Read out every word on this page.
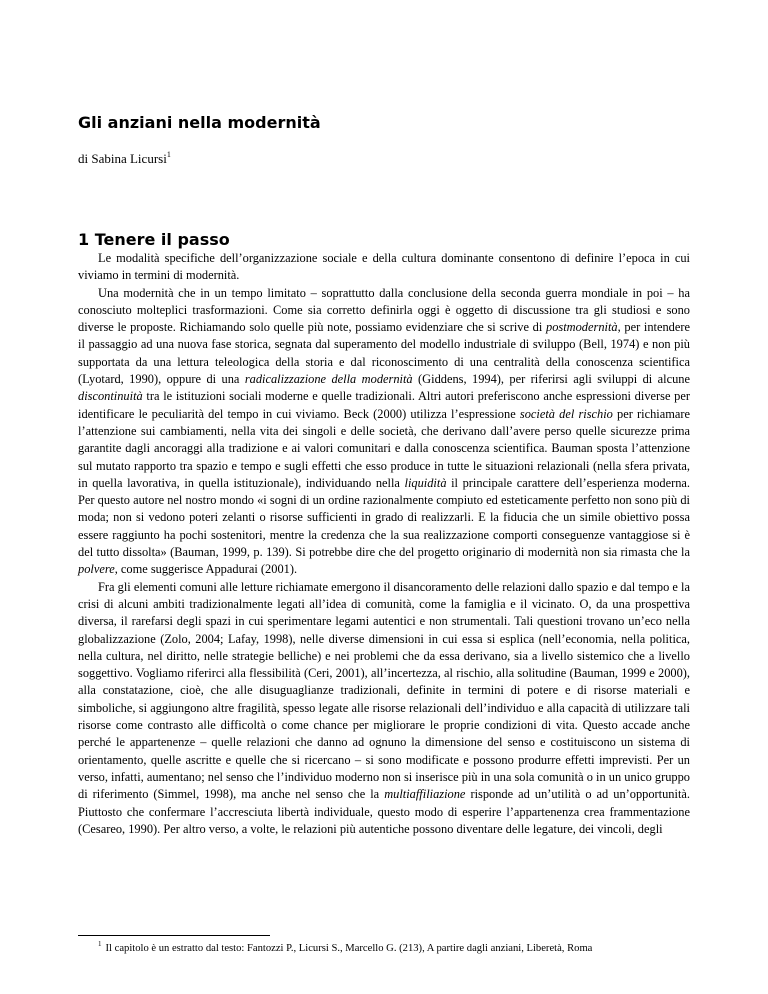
Gli anziani nella modernità

di Sabina Licursi$^1$

1 Tenere il passo

Le modalità specifiche dell’organizzazione sociale e della cultura dominante consentono di definire l’epoca in cui viviamo in termini di modernità.

Una modernità che in un tempo limitato – soprattutto dalla conclusione della seconda guerra mondiale in poi – ha conosciuto molteplici trasformazioni. Come sia corretto definirla oggi è oggetto di discussione tra gli studiosi e sono diverse le proposte. Richiamando solo quelle più note, possiamo evidenziare che si scrive di postmodernità, per intendere il passaggio ad una nuova fase storica, segnata dal superamento del modello industriale di sviluppo (Bell, 1974) e non più supportata da una lettura teleologica della storia e dal riconoscimento di una centralità della conoscenza scientifica (Lyotard, 1990), oppure di una radicalizzazione della modernità (Giddens, 1994), per riferirsi agli sviluppi di alcune discontinuità tra le istituzioni sociali moderne e quelle tradizionali. Altri autori preferiscono anche espressioni diverse per identificare le peculiarità del tempo in cui viviamo. Beck (2000) utilizza l’espressione società del rischio per richiamare l’attenzione sui cambiamenti, nella vita dei singoli e delle società, che derivano dall’avere perso quelle sicurezze prima garantite dagli ancoraggi alla tradizione e ai valori comunitari e dalla conoscenza scientifica. Bauman sposta l’attenzione sul mutato rapporto tra spazio e tempo e sugli effetti che esso produce in tutte le situazioni relazionali (nella sfera privata, in quella lavorativa, in quella istituzionale), individuando nella liquidità il principale carattere dell’esperienza moderna. Per questo autore nel nostro mondo «i sogni di un ordine razionalmente compiuto ed esteticamente perfetto non sono più di moda; non si vedono poteri zelanti o risorse sufficienti in grado di realizzarli. E la fiducia che un simile obiettivo possa essere raggiunto ha pochi sostenitori, mentre la credenza che la sua realizzazione comporti conseguenze vantaggiose si è del tutto dissolta» (Bauman, 1999, p. 139). Si potrebbe dire che del progetto originario di modernità non sia rimasta che la polvere, come suggerisce Appadurai (2001).

Fra gli elementi comuni alle letture richiamate emergono il disancoramento delle relazioni dallo spazio e dal tempo e la crisi di alcuni ambiti tradizionalmente legati all’idea di comunità, come la famiglia e il vicinato. O, da una prospettiva diversa, il rarefarsi degli spazi in cui sperimentare legami autentici e non strumentali. Tali questioni trovano un’eco nella globalizzazione (Zolo, 2004; Lafay, 1998), nelle diverse dimensioni in cui essa si esplica (nell’economia, nella politica, nella cultura, nel diritto, nelle strategie belliche) e nei problemi che da essa derivano, sia a livello sistemico che a livello soggettivo. Vogliamo riferirci alla flessibilità (Ceri, 2001), all’incertezza, al rischio, alla solitudine (Bauman, 1999 e 2000), alla constatazione, cioè, che alle disuguaglianze tradizionali, definite in termini di potere e di risorse materiali e simboliche, si aggiungono altre fragilità, spesso legate alle risorse relazionali dell’individuo e alla capacità di utilizzare tali risorse come contrasto alle difficoltà o come chance per migliorare le proprie condizioni di vita. Questo accade anche perché le appartenenze – quelle relazioni che danno ad ognuno la dimensione del senso e costituiscono un sistema di orientamento, quelle ascritte e quelle che si ricercano – si sono modificate e possono produrre effetti imprevisti. Per un verso, infatti, aumentano; nel senso che l’individuo moderno non si inserisce più in una sola comunità o in un unico gruppo di riferimento (Simmel, 1998), ma anche nel senso che la multiaffiliazione risponde ad un’utilità o ad un’opportunità. Piuttosto che confermare l’accresciuta libertà individuale, questo modo di esperire l’appartenenza crea frammentazione (Cesareo, 1990). Per altro verso, a volte, le relazioni più autentiche possono diventare delle legature, dei vincoli, degli

$^1$ Il capitolo è un estratto dal testo: Fantozzi P., Licursi S., Marcello G. (213), A partire dagli anziani, Liberetà, Roma
